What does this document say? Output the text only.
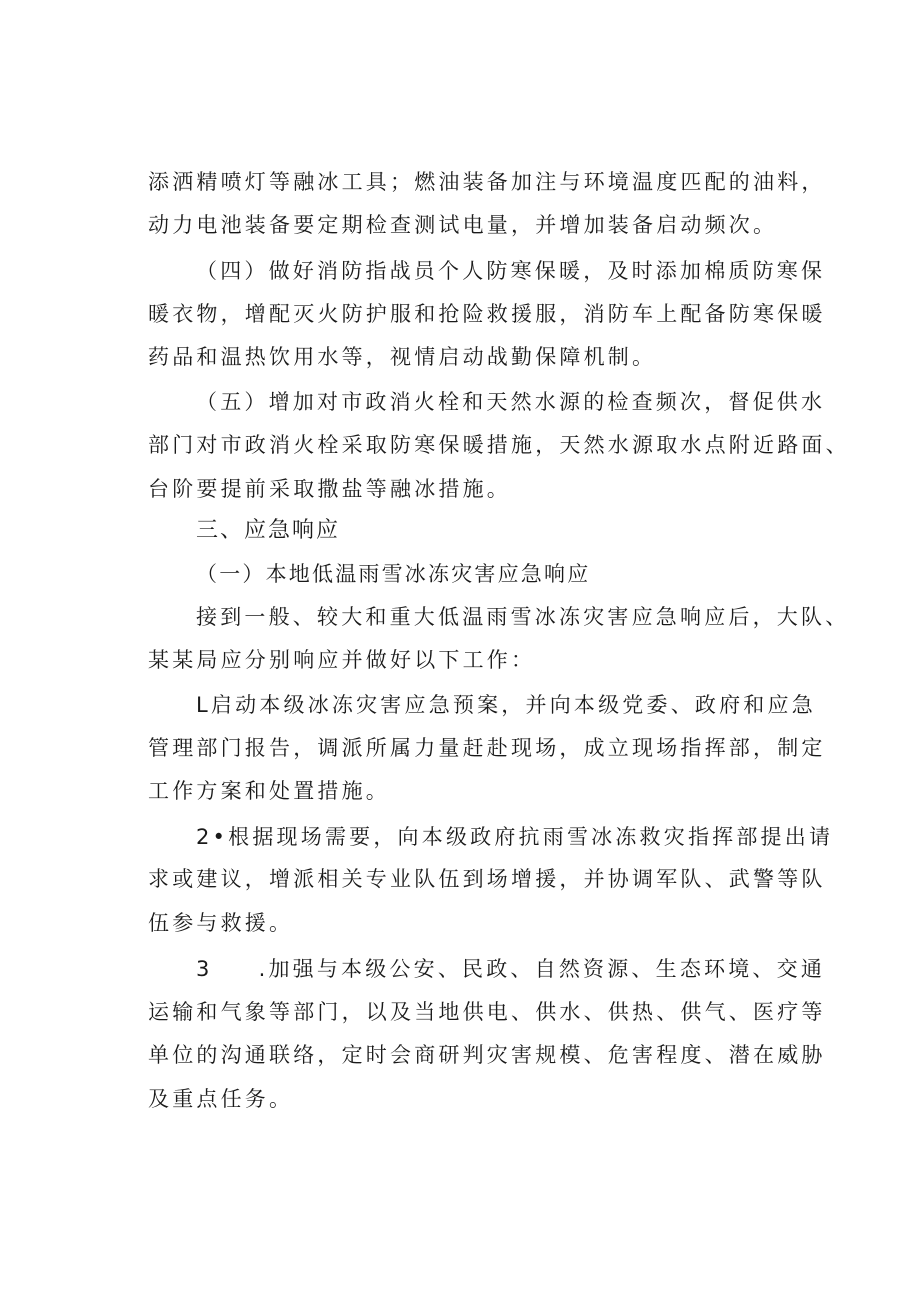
添洒精喷灯等融冰工具；燃油装备加注与环境温度匹配的油料，
动力电池装备要定期检查测试电量，并增加装备启动频次。
（四）做好消防指战员个人防寒保暖，及时添加棉质防寒保
暖衣物，增配灭火防护服和抢险救援服，消防车上配备防寒保暖
药品和温热饮用水等，视情启动战勤保障机制。
（五）增加对市政消火栓和天然水源的检查频次，督促供水
部门对市政消火栓采取防寒保暖措施，天然水源取水点附近路面、
台阶要提前采取撒盐等融冰措施。
三、应急响应
（一）本地低温雨雪冰冻灾害应急响应
接到一般、较大和重大低温雨雪冰冻灾害应急响应后，大队、
某某局应分别响应并做好以下工作：
L启动本级冰冻灾害应急预案，并向本级党委、政府和应急
管理部门报告，调派所属力量赶赴现场，成立现场指挥部，制定
工作方案和处置措施。
2•根据现场需要，向本级政府抗雨雪冰冻救灾指挥部提出请
求或建议，增派相关专业队伍到场增援，并协调军队、武警等队
伍参与救援。
3 .加强与本级公安、民政、自然资源、生态环境、交通
运输和气象等部门，以及当地供电、供水、供热、供气、医疗等
单位的沟通联络，定时会商研判灾害规模、危害程度、潜在威胁
及重点任务。
